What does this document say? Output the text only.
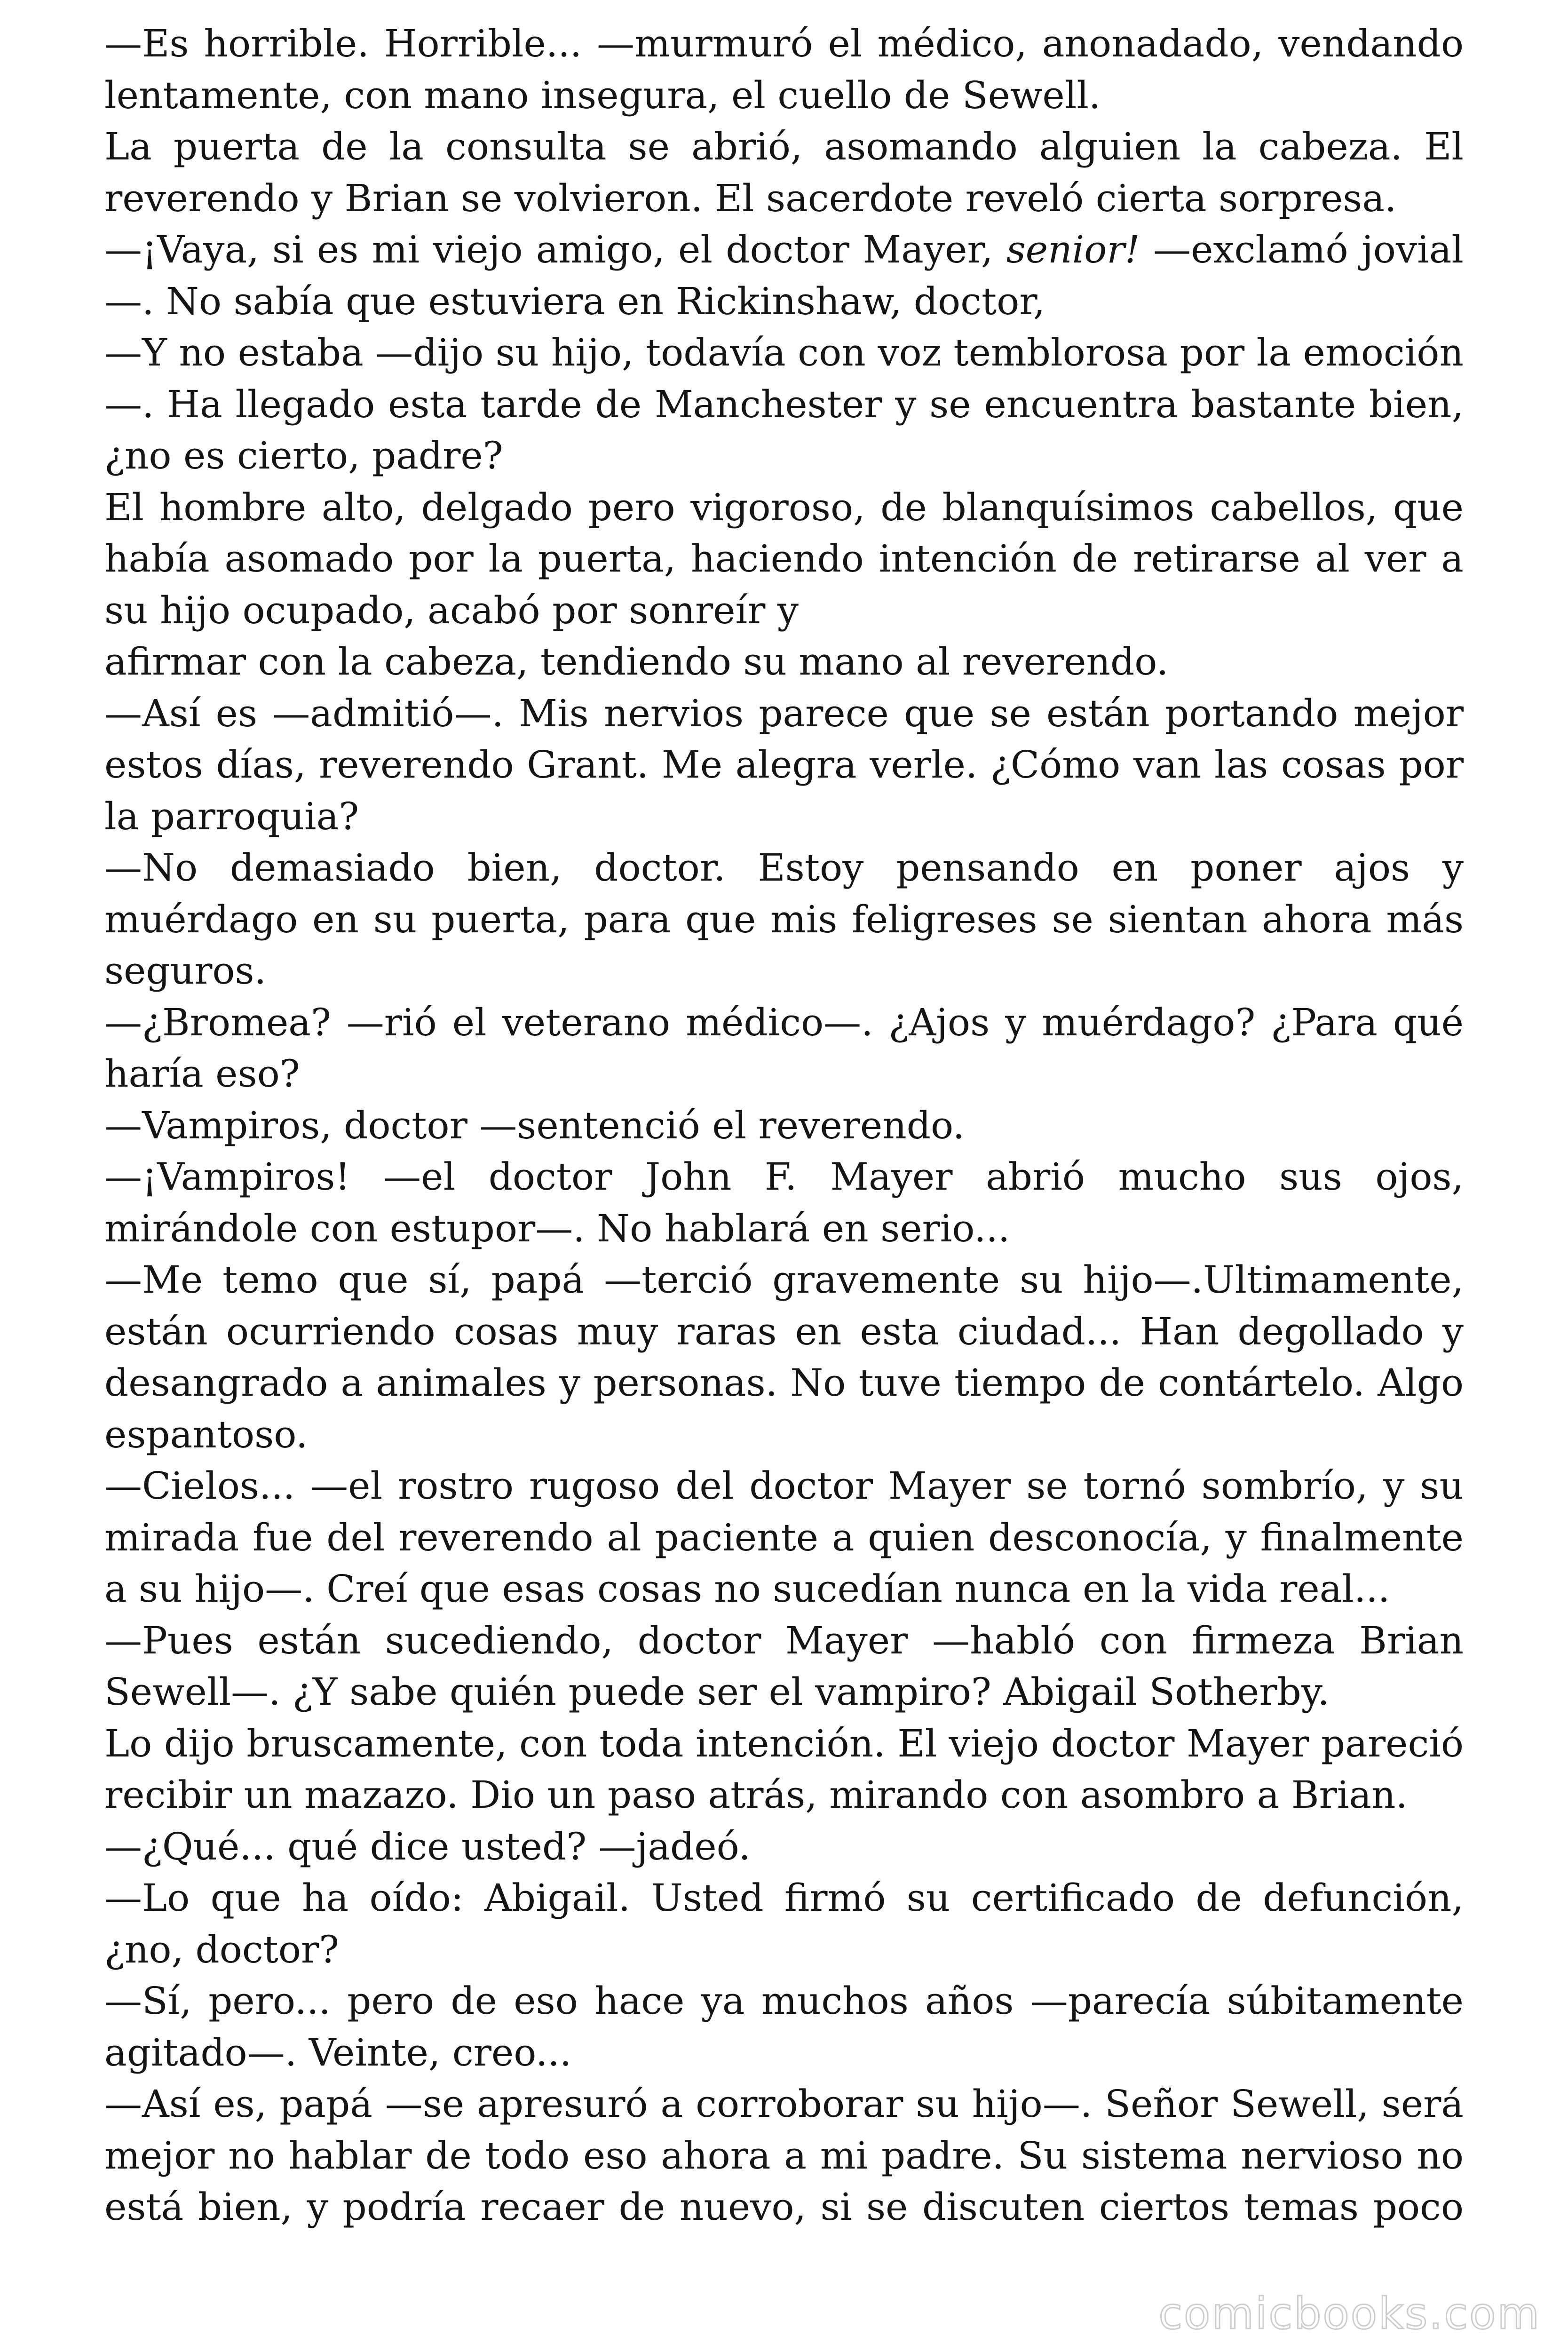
—Es horrible. Horrible... —murmuró el médico, anonadado, vendando lentamente, con mano insegura, el cuello de Sewell.

La puerta de la consulta se abrió, asomando alguien la cabeza. El reverendo y Brian se volvieron. El sacerdote reveló cierta sorpresa.

—¡Vaya, si es mi viejo amigo, el doctor Mayer, senior! —exclamó jovial—. No sabía que estuviera en Rickinshaw, doctor,

—Y no estaba —dijo su hijo, todavía con voz temblorosa por la emoción—. Ha llegado esta tarde de Manchester y se encuentra bastante bien, ¿no es cierto, padre?

El hombre alto, delgado pero vigoroso, de blanquísimos cabellos, que había asomado por la puerta, haciendo intención de retirarse al ver a su hijo ocupado, acabó por sonreír y

afirmar con la cabeza, tendiendo su mano al reverendo.

—Así es —admitió—. Mis nervios parece que se están portando mejor estos días, reverendo Grant. Me alegra verle. ¿Cómo van las cosas por la parroquia?

—No demasiado bien, doctor. Estoy pensando en poner ajos y muérdago en su puerta, para que mis feligreses se sientan ahora más seguros.

—¿Bromea? —rió el veterano médico—. ¿Ajos y muérdago? ¿Para qué haría eso?

—Vampiros, doctor —sentenció el reverendo.

—¡Vampiros! —el doctor John F. Mayer abrió mucho sus ojos, mirándole con estupor—. No hablará en serio...

—Me temo que sí, papá —terció gravemente su hijo—.Ultimamente, están ocurriendo cosas muy raras en esta ciudad... Han degollado y desangrado a animales y personas. No tuve tiempo de contártelo. Algo espantoso.

—Cielos... —el rostro rugoso del doctor Mayer se tornó sombrío, y su mirada fue del reverendo al paciente a quien desconocía, y finalmente a su hijo—. Creí que esas cosas no sucedían nunca en la vida real...

—Pues están sucediendo, doctor Mayer —habló con firmeza Brian Sewell—. ¿Y sabe quién puede ser el vampiro? Abigail Sotherby.

Lo dijo bruscamente, con toda intención. El viejo doctor Mayer pareció recibir un mazazo. Dio un paso atrás, mirando con asombro a Brian.

—¿Qué... qué dice usted? —jadeó.

—Lo que ha oído: Abigail. Usted firmó su certificado de defunción, ¿no, doctor?

—Sí, pero... pero de eso hace ya muchos años —parecía súbitamente agitado—. Veinte, creo...

—Así es, papá —se apresuró a corroborar su hijo—. Señor Sewell, será mejor no hablar de todo eso ahora a mi padre. Su sistema nervioso no está bien, y podría recaer de nuevo, si se discuten ciertos temas poco

comicbooks.com
